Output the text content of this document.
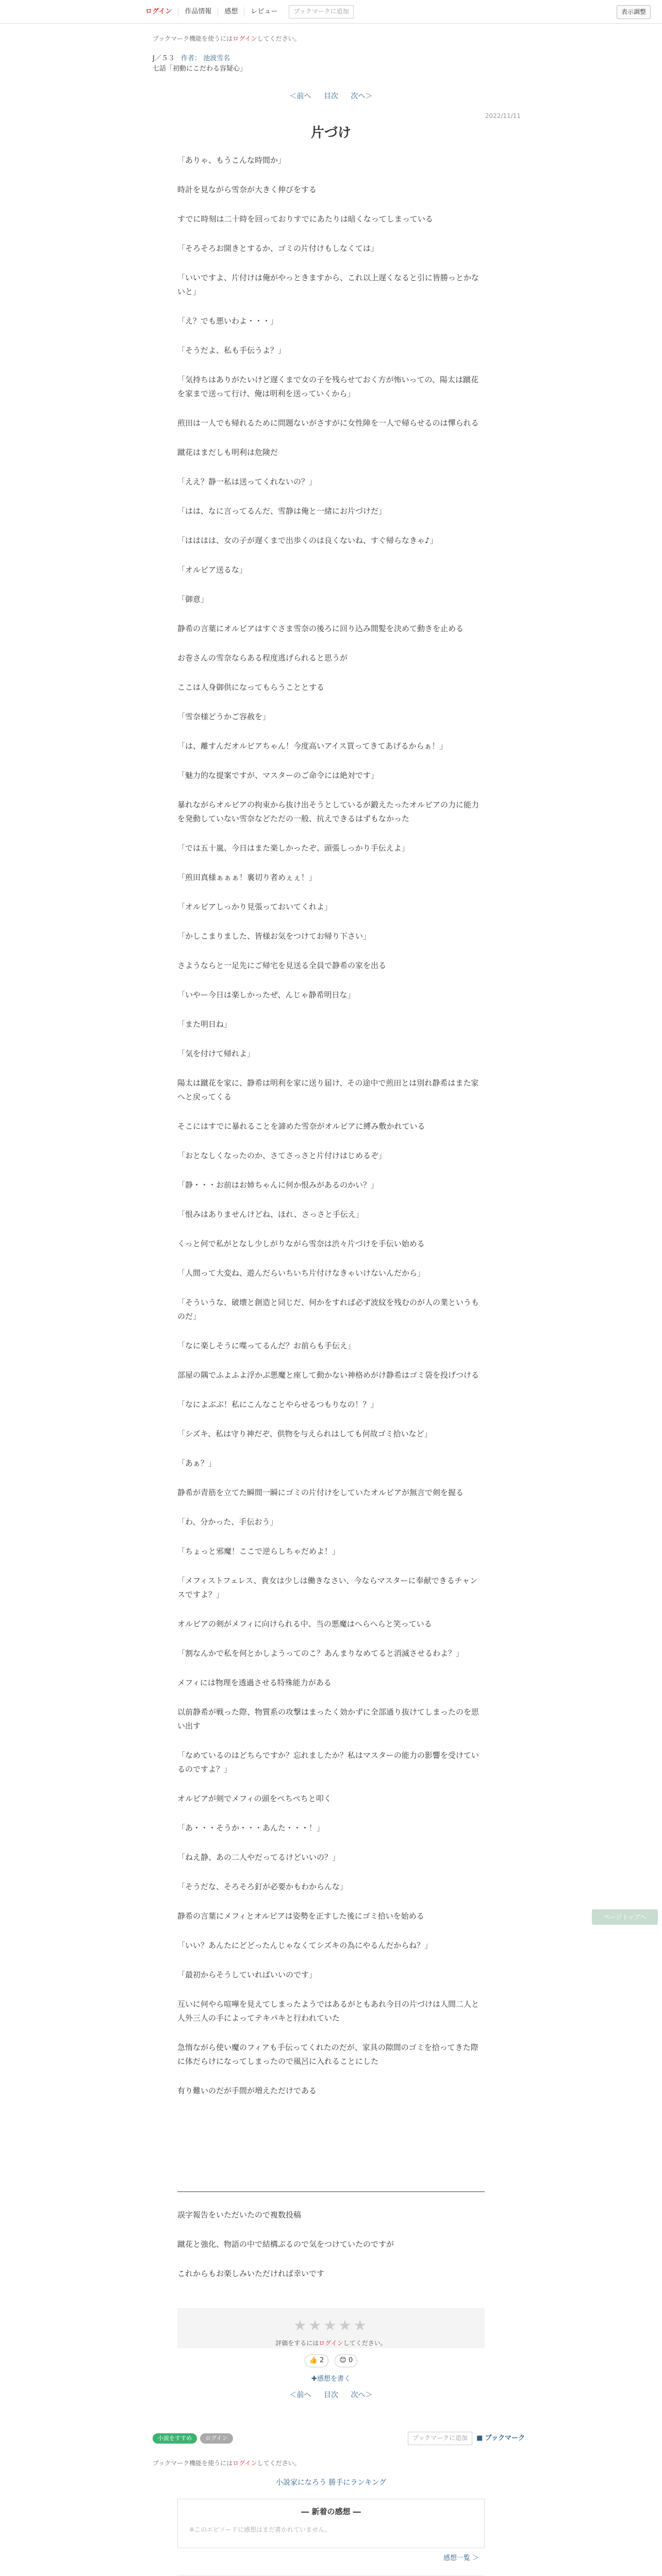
ログイン	作品情報	感想	レビュー	ブックマークに追加	表示調整
ブックマーク機能を使うにはログインしてください。
J／５３ 作者： 池波雪名
七話「初動にこだわる容疑心」
＜前へ 目次 次へ＞
2022/11/11
片づけ

「ありゃ、もうこんな時間か」

時計を見ながら雪奈が大きく伸びをする

すでに時刻は二十時を回っておりすでにあたりは暗くなってしまっている

「そろそろお開きとするか、ゴミの片付けもしなくては」

「いいですよ、片付けは俺がやっときますから、これ以上遅くなると引に皆勝っとかないと」

「え？でも悪いわよ・・・」

「そうだよ、私も手伝うよ？」

「気持ちはありがたいけど遅くまで女の子を残らせておく方が怖いっての、陽太は蹴花を家まで送って行け、俺は明利を送っていくから」

煎田は一人でも帰れるために問題ないがさすがに女性陣を一人で帰らせるのは憚られる

蹴花はまだしも明利は危険だ

「ええ？静一私は送ってくれないの？」

「はは、なに言ってるんだ、雪静は俺と一緒にお片づけだ」

「はははは、女の子が遅くまで出歩くのは良くないね、すぐ帰らなきゃ♪」

「オルビア送るな」

「御意」

静希の言葉にオルビアはすぐさま雪奈の後ろに回り込み間髪を決めて動きを止める

お巻さんの雪奈ならある程度逃げられると思うが

ここは人身御供になってもらうこととする

「雪奈様どうかご容赦を」

「は、離すんだオルビアちゃん！今度高いアイス買ってきてあげるからぁ！」

「魅力的な提案ですが、マスターのご命令には絶対です」

暴れながらオルビアの拘束から抜け出そうとしているが鍛えたったオルビアの力に能力を発動していない雪奈などただの一般、抗えできるはずもなかった

「では五十嵐、今日はまた楽しかったぞ、頭張しっかり手伝えよ」

「煎田真様ぁぁぁ！裏切り者めぇぇ！」

「オルビアしっかり見張っておいてくれよ」

「かしこまりました、皆様お気をつけてお帰り下さい」

さようならと一足先にご帰宅を見送る全員で静希の家を出る

「いやー今日は楽しかったぜ、んじゃ静希明日な」

「また明日ね」

「気を付けて帰れよ」

陽太は蹴花を家に、静希は明利を家に送り届け、その途中で煎田とは別れ静希はまた家へと戻ってくる

そこにはすでに暴れることを諦めた雪奈がオルビアに縛み敷かれている

「おとなしくなったのか、さてさっさと片付けはじめるぞ」

「静・・・お前はお姉ちゃんに何か恨みがあるのかい？」

「恨みはありませんけどね、ほれ、さっさと手伝え」

くっと何で私がとなし少しがりながら雪奈は渋々片づけを手伝い始める

「人間って大変ね、遊んだらいちいち片付けなきゃいけないんだから」

「そういうな、破壊と創造と同じだ、何かをすれば必ず波紋を残むのが人の業というものだ」

「なに楽しそうに喋ってるんだ？お前らも手伝え」

部屋の隅でふよふよ浮かぶ悪魔と座して動かない神格めがけ静希はゴミ袋を投げつける

「なによぶぶ！私にこんなことやらせるつもりなの！？」

「シズキ、私は守り神だぞ、供物を与えられはしても何故ゴミ拾いなど」

「あぁ？」

静希が青筋を立てた瞬間一瞬にゴミの片付けをしていたオルビアが無言で剣を握る

「わ、分かった、手伝おう」

「ちょっと邪魔！ここで逆らしちゃだめよ！」

「メフィストフェレス、貴女は少しは働きなさい、今ならマスターに奉献できるチャンスですよ？」

オルビアの剣がメフィに向けられる中、当の悪魔はへらへらと笑っている

「割なんかで私を何とかしようってのこ？あんまりなめてると消滅させるわよ？」

メフィには物理を透過させる特殊能力がある

以前静希が戦った際、物質系の攻撃はまったく効かずに全部通り抜けてしまったのを思い出す

「なめているのはどちらですか？忘れましたか？私はマスターの能力の影響を受けているのですよ？」

オルビアが剣でメフィの頭をぺちぺちと叩く

「あ・・・そうか・・・あんた・・・！」

「ねえ静、あの二人やだってるけどいいの？」

「そうだな、そろそろ釘が必要かもわからんな」

静希の言葉にメフィとオルビアは姿勢を正すした後にゴミ拾いを始める

「いい？あんたにどどったんじゃなくてシズキの為にやるんだからね？」

「最初からそうしていればいいのです」

互いに何やら喧嘩を見えてしまったようではあるがともあれ今日の片づけは人間二人と人外三人の手によってテキパキと行われていた

急惰ながら使い魔のフィアも手伝ってくれたのだが、家具の隙間のゴミを拾ってきた際に体だらけになってしまったので風呂に入れることにした

有り難いのだが手間が増えただけである

誤字報告をいただいたので複数投稿

蹴花と強化、物語の中で結構ぶるので気をつけていたのですが

これからもお楽しみいただければ幸いです

★★★★★
評価をするにはログインしてください。
👍 2 😊 0
✚感想を書く
＜前へ 目次 次へ＞
小説をすすめ	ログイン	ブックマークに追加	■ ブックマーク
ブックマーク機能を使うにはログインしてください。
小説家になろう 勝手にランキング
― 新着の感想 ―
※このエピソードに感想はまだ書かれていません。
感想一覧 ＞
ページトップへ
